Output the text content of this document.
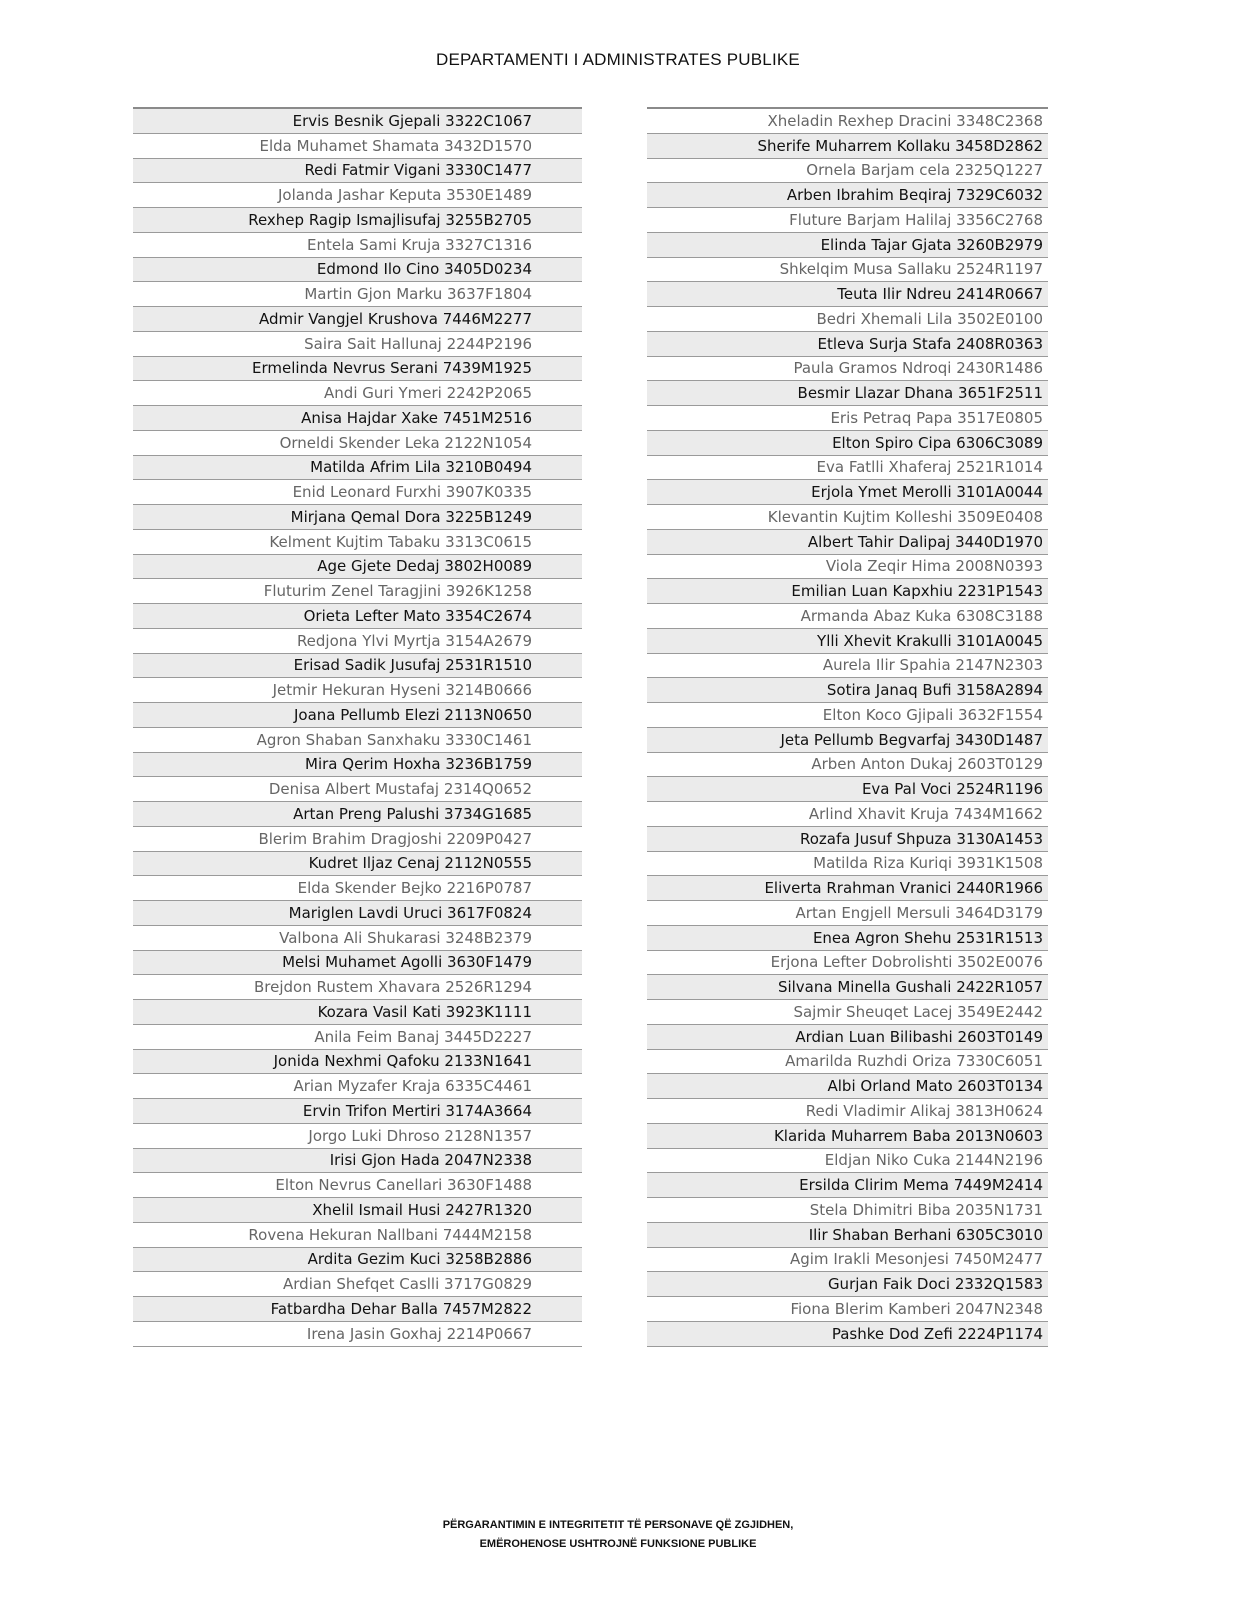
DEPARTAMENTI I ADMINISTRATES PUBLIKE
Ervis Besnik Gjepali 3322C1067
Elda Muhamet Shamata 3432D1570
Redi Fatmir Vigani 3330C1477
Jolanda Jashar Keputa 3530E1489
Rexhep Ragip Ismajlisufaj 3255B2705
Entela Sami Kruja 3327C1316
Edmond Ilo Cino 3405D0234
Martin Gjon Marku 3637F1804
Admir Vangjel Krushova 7446M2277
Saira Sait Hallunaj 2244P2196
Ermelinda Nevrus Serani 7439M1925
Andi Guri Ymeri 2242P2065
Anisa Hajdar Xake 7451M2516
Orneldi Skender Leka 2122N1054
Matilda Afrim Lila 3210B0494
Enid Leonard Furxhi 3907K0335
Mirjana Qemal Dora 3225B1249
Kelment Kujtim Tabaku 3313C0615
Age Gjete Dedaj 3802H0089
Fluturim Zenel Taragjini 3926K1258
Orieta Lefter Mato 3354C2674
Redjona Ylvi Myrtja 3154A2679
Erisad Sadik Jusufaj 2531R1510
Jetmir Hekuran Hyseni 3214B0666
Joana Pellumb Elezi 2113N0650
Agron Shaban Sanxhaku 3330C1461
Mira Qerim Hoxha 3236B1759
Denisa Albert Mustafaj 2314Q0652
Artan Preng Palushi 3734G1685
Blerim Brahim Dragjoshi 2209P0427
Kudret Iljaz Cenaj 2112N0555
Elda Skender Bejko 2216P0787
Mariglen Lavdi Uruci 3617F0824
Valbona Ali Shukarasi 3248B2379
Melsi Muhamet Agolli 3630F1479
Brejdon Rustem Xhavara 2526R1294
Kozara Vasil Kati 3923K1111
Anila Feim Banaj 3445D2227
Jonida Nexhmi Qafoku 2133N1641
Arian Myzafer Kraja 6335C4461
Ervin Trifon Mertiri 3174A3664
Jorgo Luki Dhroso 2128N1357
Irisi Gjon Hada 2047N2338
Elton Nevrus Canellari 3630F1488
Xhelil Ismail Husi 2427R1320
Rovena Hekuran Nallbani 7444M2158
Ardita Gezim Kuci 3258B2886
Ardian Shefqet Caslli 3717G0829
Fatbardha Dehar Balla 7457M2822
Irena Jasin Goxhaj 2214P0667
Xheladin Rexhep Dracini 3348C2368
Sherife Muharrem Kollaku 3458D2862
Ornela Barjam cela 2325Q1227
Arben Ibrahim Beqiraj 7329C6032
Fluture Barjam Halilaj 3356C2768
Elinda Tajar Gjata 3260B2979
Shkelqim Musa Sallaku 2524R1197
Teuta Ilir Ndreu 2414R0667
Bedri Xhemali Lila 3502E0100
Etleva Surja Stafa 2408R0363
Paula Gramos Ndroqi 2430R1486
Besmir Llazar Dhana 3651F2511
Eris Petraq Papa 3517E0805
Elton Spiro Cipa 6306C3089
Eva Fatlli Xhaferaj 2521R1014
Erjola Ymet Merolli 3101A0044
Klevantin Kujtim Kolleshi 3509E0408
Albert Tahir Dalipaj 3440D1970
Viola Zeqir Hima 2008N0393
Emilian Luan Kapxhiu 2231P1543
Armanda Abaz Kuka 6308C3188
Ylli Xhevit Krakulli 3101A0045
Aurela Ilir Spahia 2147N2303
Sotira Janaq Bufi 3158A2894
Elton Koco Gjipali 3632F1554
Jeta Pellumb Begvarfaj 3430D1487
Arben Anton Dukaj 2603T0129
Eva Pal Voci 2524R1196
Arlind Xhavit Kruja 7434M1662
Rozafa Jusuf Shpuza 3130A1453
Matilda Riza Kuriqi 3931K1508
Eliverta Rrahman Vranici 2440R1966
Artan Engjell Mersuli 3464D3179
Enea Agron Shehu 2531R1513
Erjona Lefter Dobrolishti 3502E0076
Silvana Minella Gushali 2422R1057
Sajmir Sheuqet Lacej 3549E2442
Ardian Luan Bilibashi 2603T0149
Amarilda Ruzhdi Oriza 7330C6051
Albi Orland Mato 2603T0134
Redi Vladimir Alikaj 3813H0624
Klarida Muharrem Baba 2013N0603
Eldjan Niko Cuka 2144N2196
Ersilda Clirim Mema 7449M2414
Stela Dhimitri Biba 2035N1731
Ilir Shaban Berhani 6305C3010
Agim Irakli Mesonjesi 7450M2477
Gurjan Faik Doci 2332Q1583
Fiona Blerim Kamberi 2047N2348
Pashke Dod Zefi 2224P1174
PËRGARANTIMIN E INTEGRITETIT TË PERSONAVE QË ZGJIDHEN,
EMËROHENOSE USHTROJNË FUNKSIONE PUBLIKE
